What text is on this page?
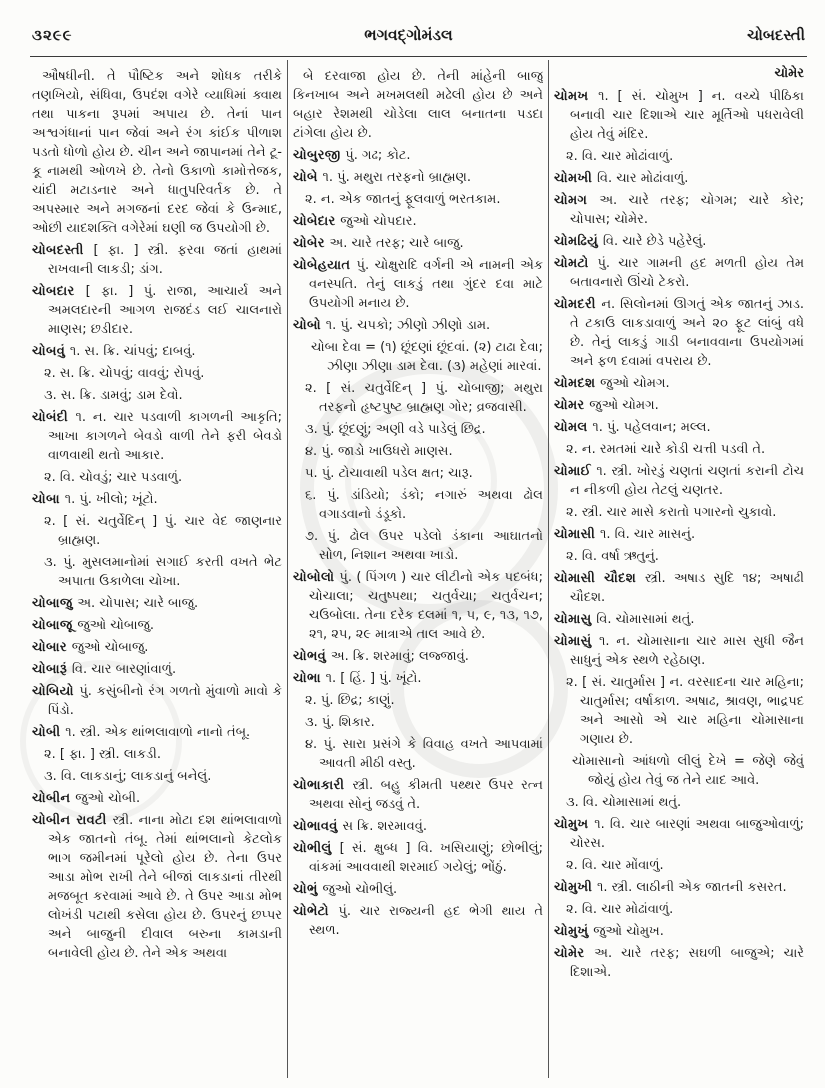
૩૨૯૯	ભગવદ્ગોમંડલ	ચોબદસ્તી

ઔષધીની. તે પૌષ્ટિક અને શોધક તરીકે તણખિયો, સંધિવા, ઉપદંશ વગેરે વ્યાધિમાં ક્વાથ તથા પાકના રૂપમાં અપાય છે. તેનાં પાન અશ્વગંધાનાં પાન જેવાં અને રંગ કાંઈક પીળાશ પડતો ધોળો હોય છે. ચીન અને જાપાનમાં તેને ટૂ-કૂ નામથી ઓળખે છે. તેનો ઉકાળો કામોત્તેજક, ચાંદી મટાડનાર અને ધાતુપરિવર્તક છે. તે અપસ્માર અને મગજનાં દરદ જેવાં કે ઉન્માદ, ઓછી યાદશક્તિ વગેરેમાં ઘણી જ ઉપયોગી છે.

ચોબદસ્તી [ ફા. ] સ્ત્રી. ફરવા જતાં હાથમાં રાખવાની લાકડી; ડાંગ.

ચોબદાર [ ફા. ] પું. રાજા, આચાર્ય અને અમલદારની આગળ રાજદંડ લઈ ચાલનારો માણસ; છડીદાર.

ચોબવું ૧. સ. ક્રિ. ચાંપવું; દાબવું.

૨. સ. ક્રિ. ચોપવું; વાવવું; રોપવું.

૩. સ. ક્રિ. ડામવું; ડામ દેવો.

ચોબંદી ૧. ન. ચાર પડવાળી કાગળની આકૃતિ; આખા કાગળને બેવડો વાળી તેને ફરી બેવડો વાળવાથી થતો આકાર.

૨. વિ. ચોવડું; ચાર પડવાળું.

ચોબા ૧. પું. ખીલો; ખૂંટો.

૨. [ સં. ચતુર્વેદિન્ ] પું. ચાર વેદ જાણનાર બ્રાહ્મણ.

૩. પું. મુસલમાનોમાં સગાઈ કરતી વખતે ભેટ અપાતા ઉકાળેલા ચોખા.

ચોબાજુ અ. ચોપાસ; ચારે બાજુ.

ચોબાજૂ જુઓ ચોબાજુ.

ચોબાર જુઓ ચોબાજુ.

ચોબારૂં વિ. ચાર બારણાંવાળું.

ચોબિયો પું. કસુંબીનો રંગ ગળતો મુંવાળો માવો કે પિંડો.

ચોબી ૧. સ્ત્રી. એક થાંભલાવાળો નાનો તંબૂ.

૨. [ ફા. ] સ્ત્રી. લાકડી.

૩. વિ. લાકડાનું; લાકડાનું બનેલું.

ચોબીન જુઓ ચોબી.

ચોબીન રાવટી સ્ત્રી. નાના મોટા દશ થાંભલાવાળો એક જાતનો તંબૂ. તેમાં થાંભલાનો કેટલોક ભાગ જમીનમાં પૂરેલો હોય છે. તેના ઉપર આડા મોભ રાખી તેને બીજાં લાકડાનાં તીરથી મજબૂત કરવામાં આવે છે. તે ઉપર આડા મોભ લોખંડી પટાથી કસેલા હોય છે. ઉપરનું છપ્પર અને બાજુની દીવાલ બરુના કામડાની બનાવેલી હોય છે. તેને એક અથવા

બે દરવાજા હોય છે. તેની માંહેની બાજુ કિનખાબ અને મખમલથી મઢેલી હોય છે અને બહાર રેશમથી ચોડેલા લાલ બનાતના પડદા ટાંગેલા હોય છે.

ચોબુરજી પું. ગઢ; કોટ.

ચોબે ૧. પું. મથુરા તરફનો બ્રાહ્મણ.

૨. ન. એક જાતનું ફૂલવાળું ભરતકામ.

ચોબેદાર જુઓ ચોપદાર.

ચોબેર અ. ચારે તરફ; ચારે બાજુ.

ચોબેહયાત પું. ચોક્ષુરાદિ વર્ગની એ નામની એક વનસ્પતિ. તેનું લાકડું તથા ગુંદર દવા માટે ઉપયોગી મનાય છે.

ચોબો ૧. પું. ચપકો; ઝીણો ઝીણો ડામ.

ચોબા દેવા = (૧) છૂંદણાં છૂંદવાં. (૨) ટાઢા દેવા; ઝીણા ઝીણા ડામ દેવા. (૩) મહેણાં મારવાં.

૨. [ સં. ચતુર્વેદિન્ ] પું. ચોબાજી; મથુરા તરફનો હૃષ્ટપુષ્ટ બ્રાહ્મણ ગોર; વ્રજવાસી.

૩. પું. છૂંદણું; અણી વડે પાડેલું છિદ્ર.

૪. પું. જાડો ખાઉધરો માણસ.

૫. પું. ટોચાવાથી પડેલ ક્ષત; ચારૂ.

૬. પું. ડાંડિયો; ડંકો; નગારું અથવા ઢોલ વગાડવાનો ડંડૂકો.

૭. પું. ઢોલ ઉપર પડેલો ડંકાના આઘાતનો સોળ, નિશાન અથવા ખાડો.

ચોબોલો પું. ( પિંગળ ) ચાર લીટીનો એક પદબંધ; ચોચાલા; ચતુષ્પથા; ચતુર્વચા; ચતુર્વચન; ચઉબોલા. તેના દરેક દલમાં ૧, ૫, ૯, ૧૩, ૧૭, ૨૧, ૨૫, ૨૯ માત્રાએ તાલ આવે છે.

ચોભવું અ. ક્રિ. શરમાવું; લજ્જાવું.

ચોભા ૧. [ હિં. ] પું. ખૂંટો.

૨. પું. છિદ્ર; કાણું.

૩. પું. શિકાર.

૪. પું. સારા પ્રસંગે કે વિવાહ વખતે આપવામાં આવતી મીઠી વસ્તુ.

ચોભાકારી સ્ત્રી. બહુ કીમતી પથ્થર ઉપર રત્ન અથવા સોનું જડવું તે.

ચોભાવવું સ ક્રિ. શરમાવવું.

ચોભીલું [ સં. ક્ષુબ્ધ ] વિ. ખસિયાણું; છોભીલું; વાંકમાં આવવાથી શરમાઈ ગયેલું; ભોંઠું.

ચોભું જુઓ ચોભીલું.

ચોભેટો પું. ચાર રાજ્યની હદ ભેગી થાય તે સ્થળ.

ચોમેર

ચોમખ ૧. [ સં. ચોમુખ ] ન. વચ્ચે પીઠિકા બનાવી ચાર દિશાએ ચાર મૂર્તિઓ પધરાવેલી હોય તેવું મંદિર.

૨. વિ. ચાર મોઢાંવાળું.

ચોમખી વિ. ચાર મોઢાંવાળું.

ચોમગ અ. ચારે તરફ; ચોગમ; ચારે કોર; ચોપાસ; ચોમેર.

ચોમઢિયું વિ. ચારે છેડે પહેરેલું.

ચોમટો પું. ચાર ગામની હદ મળતી હોય તેમ બતાવનારો ઊંચો ટેકરો.

ચોમદરી ન. સિલોનમાં ઊગતું એક જાતનું ઝાડ. તે ટકાઉ લાકડાવાળું અને ૨૦ ફૂટ લાંબું વધે છે. તેનું લાકડું ગાડી બનાવવાના ઉપયોગમાં અને ફળ દવામાં વપરાય છે.

ચોમદશ જુઓ ચોમગ.

ચોમર જુઓ ચોમગ.

ચોમલ ૧. પું. પહેલવાન; મલ્લ.

૨. ન. રમતમાં ચારે કોડી ચત્તી પડવી તે.

ચોમાઈ ૧. સ્ત્રી. ખોરડું ચણતાં ચણતાં કરાની ટોચ ન નીકળી હોય તેટલું ચણતર.

૨. સ્ત્રી. ચાર માસે કરાતો પગારનો ચુકાવો.

ચોમાસી ૧. વિ. ચાર માસનું.

૨. વિ. વર્ષા ઋતુનું.

ચોમાસી ચૌદશ સ્ત્રી. અષાડ સુદિ ૧૪; અષાઢી ચૌદશ.

ચોમાસુ વિ. ચોમાસામાં થતું.

ચોમાસું ૧. ન. ચોમાસાના ચાર માસ સુધી જૈન સાધુનું એક સ્થળે રહેઠાણ.

૨. [ સં. ચાતુર્માસ ] ન. વરસાદના ચાર મહિના; ચાતુર્માસ; વર્ષાકાળ. અષાઢ, શ્રાવણ, ભાદ્રપદ અને આસો એ ચાર મહિના ચોમાસાના ગણાય છે.

ચોમાસાનો આંધળો લીલું દેખે = જેણે જેવું જોયું હોય તેવું જ તેને યાદ આવે.

૩. વિ. ચોમાસામાં થતું.

ચોમુખ ૧. વિ. ચાર બારણાં અથવા બાજુઓવાળું; ચોરસ.

૨. વિ. ચાર મોંવાળું.

ચોમુખી ૧. સ્ત્રી. લાઠીની એક જાતની કસરત.

૨. વિ. ચાર મોઢાંવાળું.

ચોમુખું જુઓ ચોમુખ.

ચોમેર અ. ચારે તરફ; સઘળી બાજુએ; ચારે દિશાએ.
